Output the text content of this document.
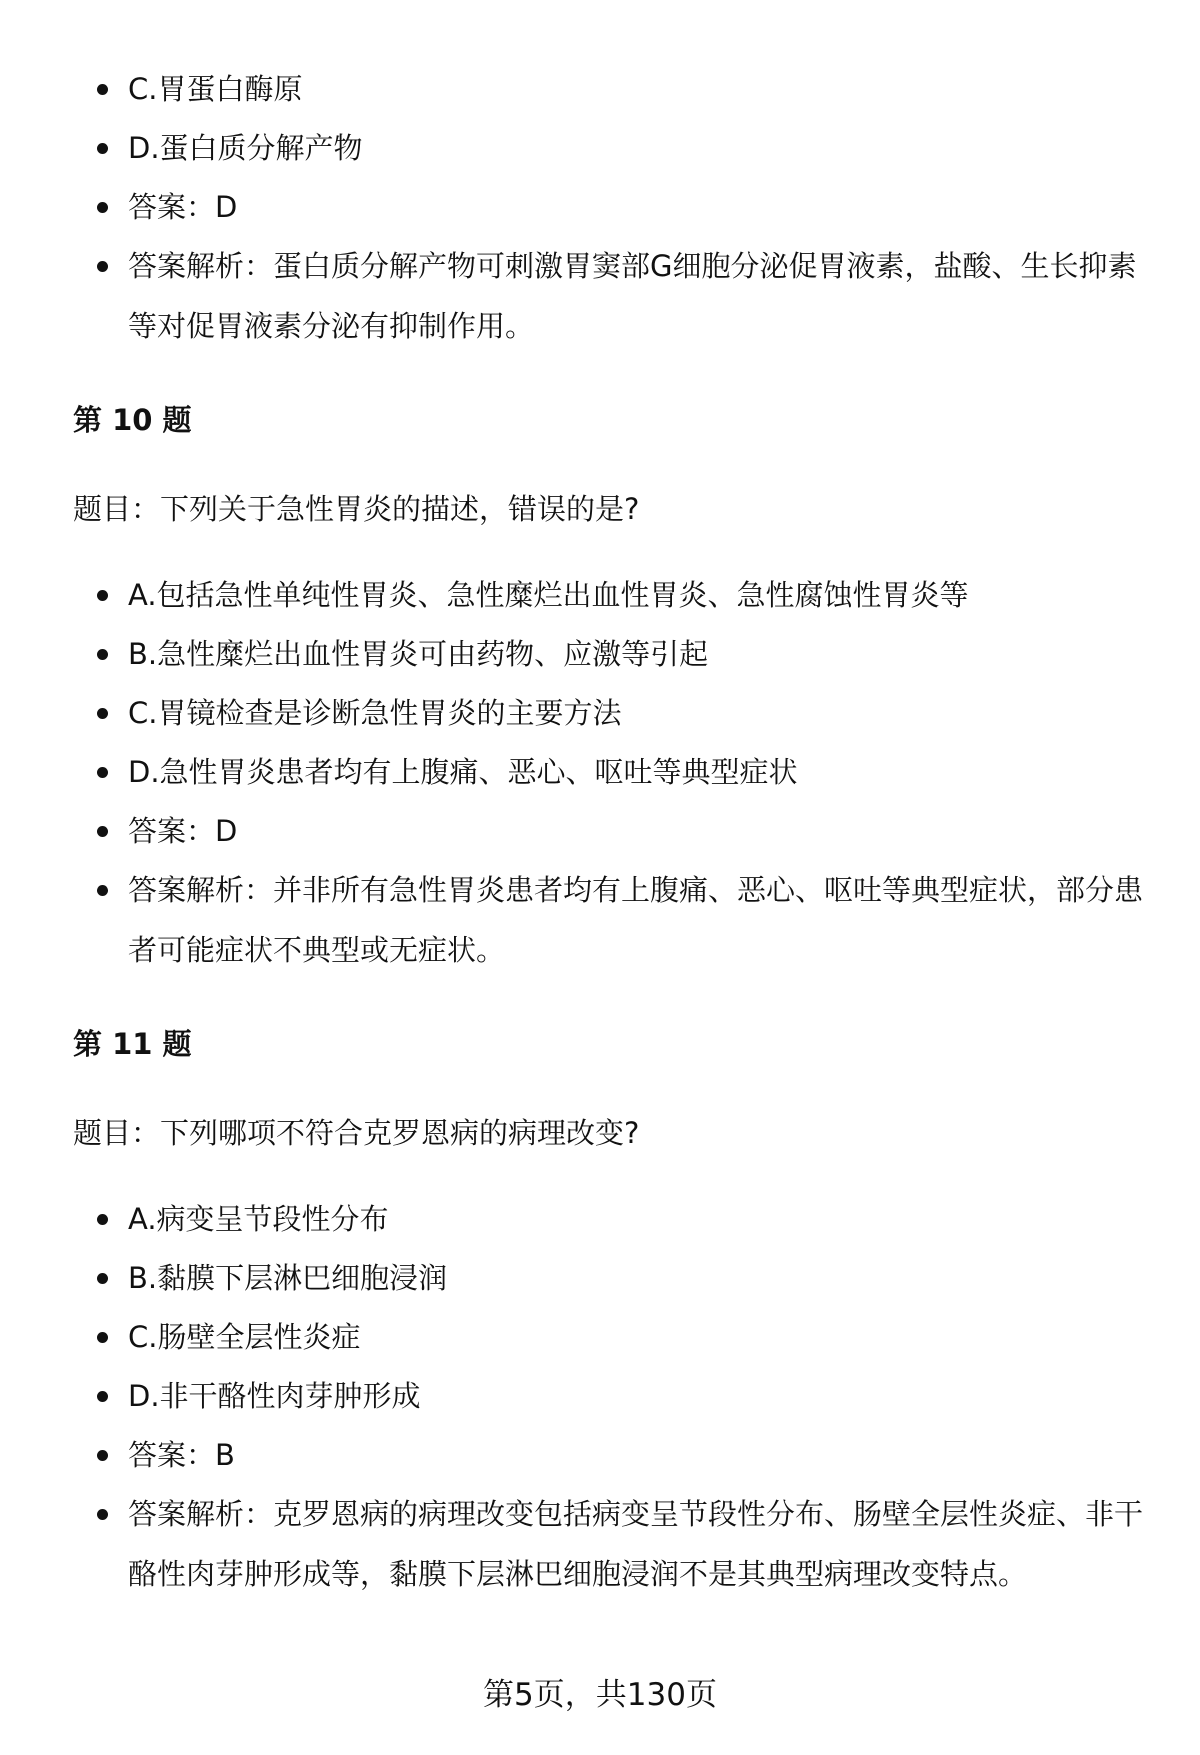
C.胃蛋白酶原
D.蛋白质分解产物
答案：D
答案解析：蛋白质分解产物可刺激胃窦部G细胞分泌促胃液素，盐酸、生长抑素等对促胃液素分泌有抑制作用。
第 10 题
题目：下列关于急性胃炎的描述，错误的是?
A.包括急性单纯性胃炎、急性糜烂出血性胃炎、急性腐蚀性胃炎等
B.急性糜烂出血性胃炎可由药物、应激等引起
C.胃镜检查是诊断急性胃炎的主要方法
D.急性胃炎患者均有上腹痛、恶心、呕吐等典型症状
答案：D
答案解析：并非所有急性胃炎患者均有上腹痛、恶心、呕吐等典型症状，部分患者可能症状不典型或无症状。
第 11 题
题目：下列哪项不符合克罗恩病的病理改变?
A.病变呈节段性分布
B.黏膜下层淋巴细胞浸润
C.肠壁全层性炎症
D.非干酪性肉芽肿形成
答案：B
答案解析：克罗恩病的病理改变包括病变呈节段性分布、肠壁全层性炎症、非干酪性肉芽肿形成等，黏膜下层淋巴细胞浸润不是其典型病理改变特点。
第5页，共130页
